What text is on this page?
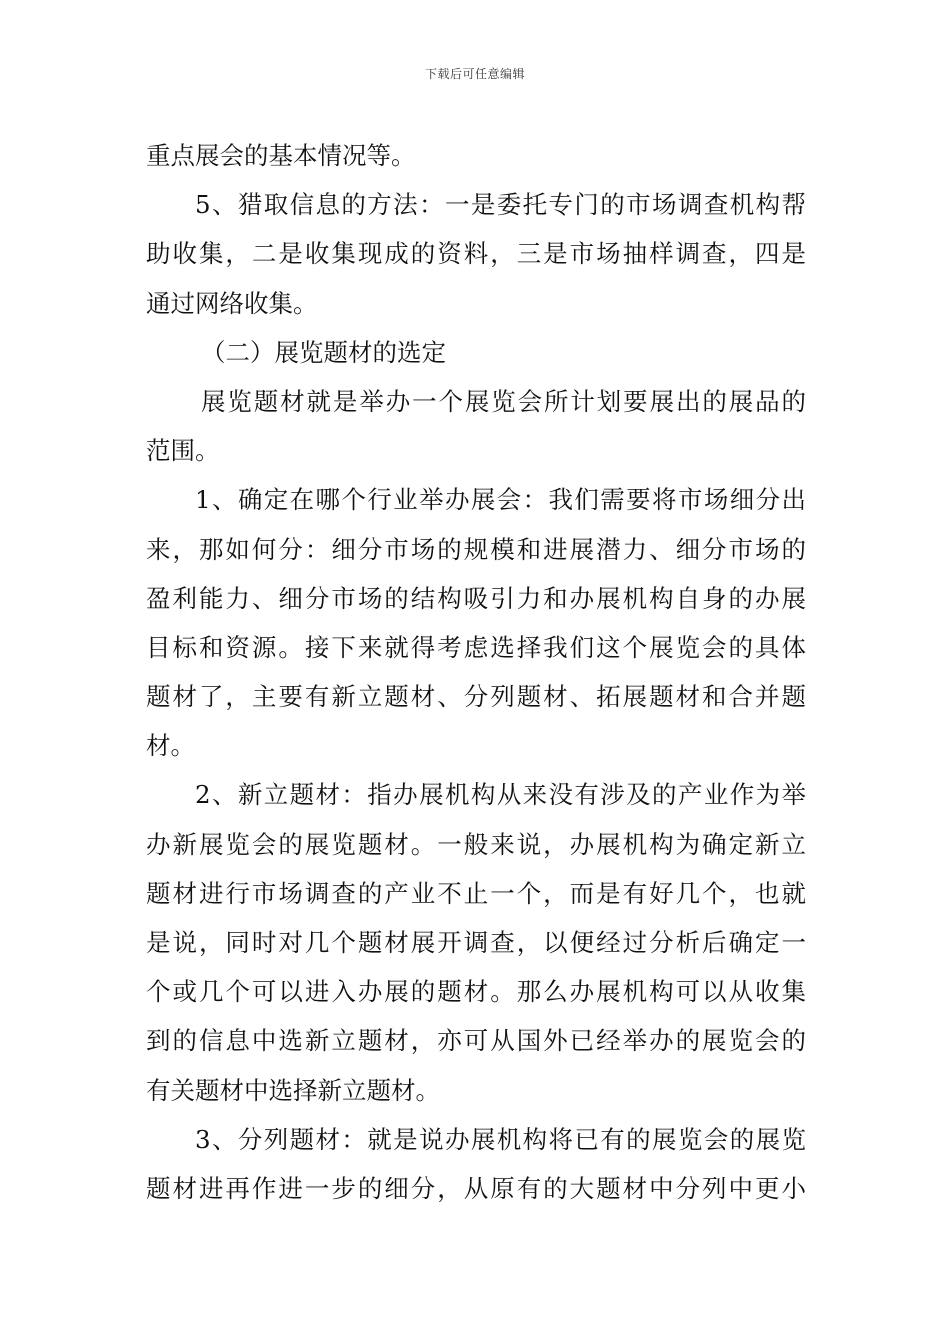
下载后可任意编辑
重点展会的基本情况等。
5、猎取信息的方法：一是委托专门的市场调查机构帮
助收集，二是收集现成的资料，三是市场抽样调查，四是
通过网络收集。
（二）展览题材的选定
展览题材就是举办一个展览会所计划要展出的展品的
范围。
1、确定在哪个行业举办展会：我们需要将市场细分出
来，那如何分：细分市场的规模和进展潜力、细分市场的
盈利能力、细分市场的结构吸引力和办展机构自身的办展
目标和资源。接下来就得考虑选择我们这个展览会的具体
题材了，主要有新立题材、分列题材、拓展题材和合并题
材。
2、新立题材：指办展机构从来没有涉及的产业作为举
办新展览会的展览题材。一般来说，办展机构为确定新立
题材进行市场调查的产业不止一个，而是有好几个，也就
是说，同时对几个题材展开调查，以便经过分析后确定一
个或几个可以进入办展的题材。那么办展机构可以从收集
到的信息中选新立题材，亦可从国外已经举办的展览会的
有关题材中选择新立题材。
3、分列题材：就是说办展机构将已有的展览会的展览
题材进再作进一步的细分，从原有的大题材中分列中更小
